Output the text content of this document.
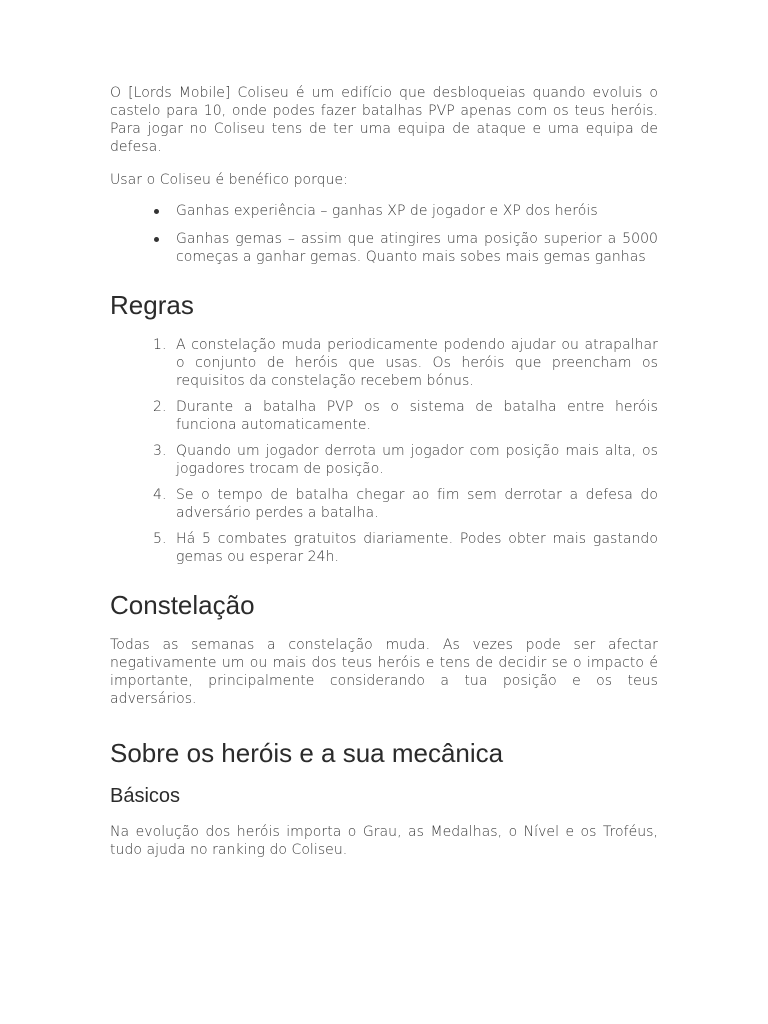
O [Lords Mobile] Coliseu é um edifício que desbloqueias quando evoluis o castelo para 10, onde podes fazer batalhas PVP apenas com os teus heróis. Para jogar no Coliseu tens de ter uma equipa de ataque e uma equipa de defesa.

Usar o Coliseu é benéfico porque:

Ganhas experiência – ganhas XP de jogador e XP dos heróis
Ganhas gemas – assim que atingires uma posição superior a 5000 começas a ganhar gemas. Quanto mais sobes mais gemas ganhas
Regras
1. A constelação muda periodicamente podendo ajudar ou atrapalhar o conjunto de heróis que usas. Os heróis que preencham os requisitos da constelação recebem bónus.
2. Durante a batalha PVP os o sistema de batalha entre heróis funciona automaticamente.
3. Quando um jogador derrota um jogador com posição mais alta, os jogadores trocam de posição.
4. Se o tempo de batalha chegar ao fim sem derrotar a defesa do adversário perdes a batalha.
5. Há 5 combates gratuitos diariamente. Podes obter mais gastando gemas ou esperar 24h.
Constelação

Todas as semanas a constelação muda. As vezes pode ser afectar negativamente um ou mais dos teus heróis e tens de decidir se o impacto é importante, principalmente considerando a tua posição e os teus adversários.

Sobre os heróis e a sua mecânica
Básicos

Na evolução dos heróis importa o Grau, as Medalhas, o Nível e os Troféus, tudo ajuda no ranking do Coliseu.
